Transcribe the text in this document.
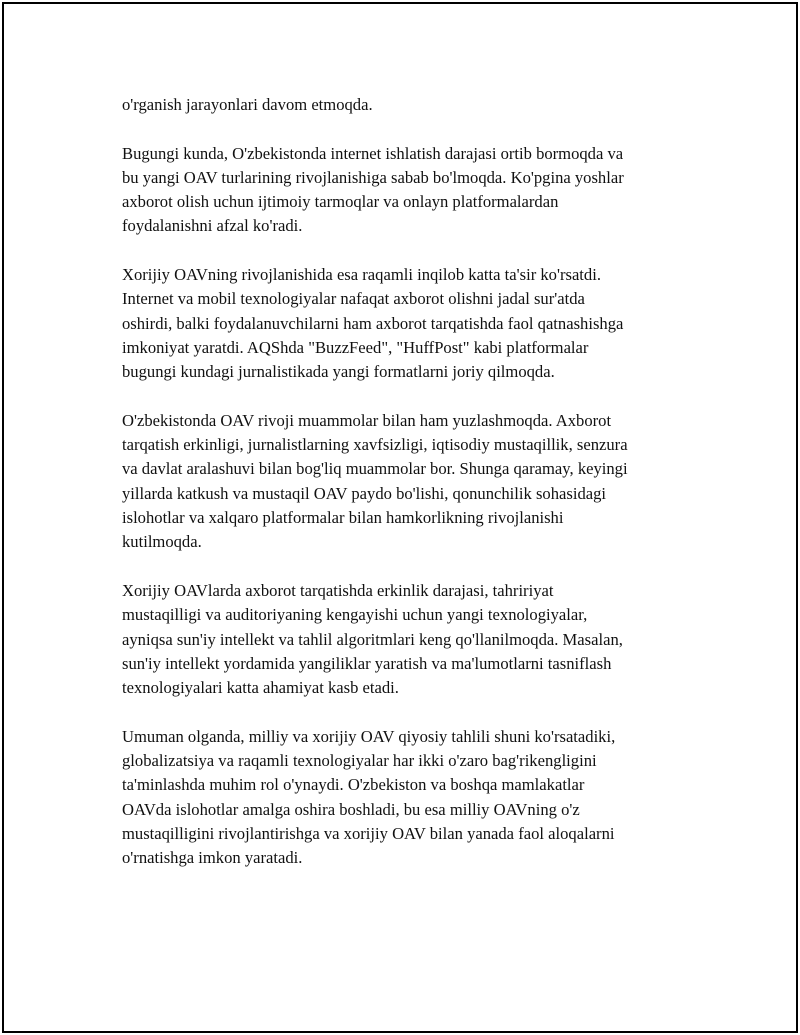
o'rganish jarayonlari davom etmoqda.

Bugungi kunda, O'zbekistonda internet ishlatish darajasi ortib bormoqda va
bu yangi OAV turlarining rivojlanishiga sabab bo'lmoqda. Ko'pgina yoshlar
axborot olish uchun ijtimoiy tarmoqlar va onlayn platformalardan
foydalanishni afzal ko'radi.

Xorijiy OAVning rivojlanishida esa raqamli inqilob katta ta'sir ko'rsatdi.
Internet va mobil texnologiyalar nafaqat axborot olishni jadal sur'atda
oshirdi, balki foydalanuvchilarni ham axborot tarqatishda faol qatnashishga
imkoniyat yaratdi. AQShda "BuzzFeed", "HuffPost" kabi platformalar
bugungi kundagi jurnalistikada yangi formatlarni joriy qilmoqda.

O'zbekistonda OAV rivoji muammolar bilan ham yuzlashmoqda. Axborot
tarqatish erkinligi, jurnalistlarning xavfsizligi, iqtisodiy mustaqillik, senzura
va davlat aralashuvi bilan bog'liq muammolar bor. Shunga qaramay, keyingi
yillarda katkush va mustaqil OAV paydo bo'lishi, qonunchilik sohasidagi
islohotlar va xalqaro platformalar bilan hamkorlikning rivojlanishi
kutilmoqda.

Xorijiy OAVlarda axborot tarqatishda erkinlik darajasi, tahririyat
mustaqilligi va auditoriyaning kengayishi uchun yangi texnologiyalar,
ayniqsa sun'iy intellekt va tahlil algoritmlari keng qo'llanilmoqda. Masalan,
sun'iy intellekt yordamida yangiliklar yaratish va ma'lumotlarni tasniflash
texnologiyalari katta ahamiyat kasb etadi.

Umuman olganda, milliy va xorijiy OAV qiyosiy tahlili shuni ko'rsatadiki,
globalizatsiya va raqamli texnologiyalar har ikki o'zaro bag'rikengligini
ta'minlashda muhim rol o'ynaydi. O'zbekiston va boshqa mamlakatlar
OAVda islohotlar amalga oshira boshladi, bu esa milliy OAVning o'z
mustaqilligini rivojlantirishga va xorijiy OAV bilan yanada faol aloqalarni
o'rnatishga imkon yaratadi.
